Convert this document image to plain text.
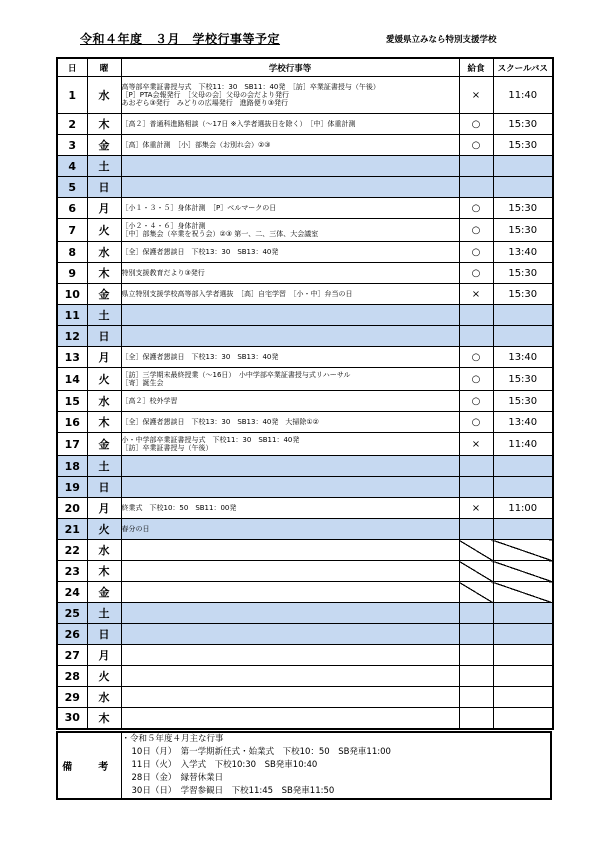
令和４年度　３月　学校行事等予定	愛媛県立みなら特別支援学校
日	曜	学校行事等	給食	スクールバス
1	水	高等部卒業証書授与式　下校11：30　SB11：40発　［訪］卒業証書授与（午後）
［P］PTA会報発行　［父母の会］父母の会だより発行
あおぞら③発行　みどりの広場発行　進路便り③発行	×	11:40
2	木	［高２］普通科進路相談（～17日 ※入学者選抜日を除く）　［中］体重計測	○	15:30
3	金	［高］体重計測　［小］部集会（お別れ会）②③	○	15:30
4	土			
5	日			
6	月	［小１・３・５］身体計測　［P］ベルマークの日	○	15:30
7	火	［小２・４・６］身体計測
［中］部集会（卒業を祝う会）②③ 第一、二、三体、大会議室	○	15:30
8	水	［全］保護者懇談日　下校13：30　SB13：40発	○	13:40
9	木	特別支援教育だより③発行	○	15:30
10	金	県立特別支援学校高等部入学者選抜　［高］自宅学習　［小・中］弁当の日	×	15:30
11	土			
12	日			
13	月	［全］保護者懇談日　下校13：30　SB13：40発	○	13:40
14	火	［訪］三学期末最終授業（～16日）　小中学部卒業証書授与式リハーサル
［寄］誕生会	○	15:30
15	水	［高２］校外学習	○	15:30
16	木	［全］保護者懇談日　下校13：30　SB13：40発　大掃除①②	○	13:40
17	金	小・中学部卒業証書授与式　下校11：30　SB11：40発
［訪］卒業証書授与（午後）	×	11:40
18	土			
19	日			
20	月	終業式　下校10：50　SB11：00発	×	11:00
21	火	春分の日		

22	水			
23	木			
24	金			
25	土			
26	日			
27	月			
28	火			
29	水			
30	木			
備　考	
・令和５年度４月主な行事
10日（月）　第一学期新任式・始業式　下校10：50　SB発車11:00
11日（火）　入学式　下校10:30　SB発車10:40
28日（金）　縁替休業日
30日（日）　学習参観日　下校11:45　SB発車11:50
